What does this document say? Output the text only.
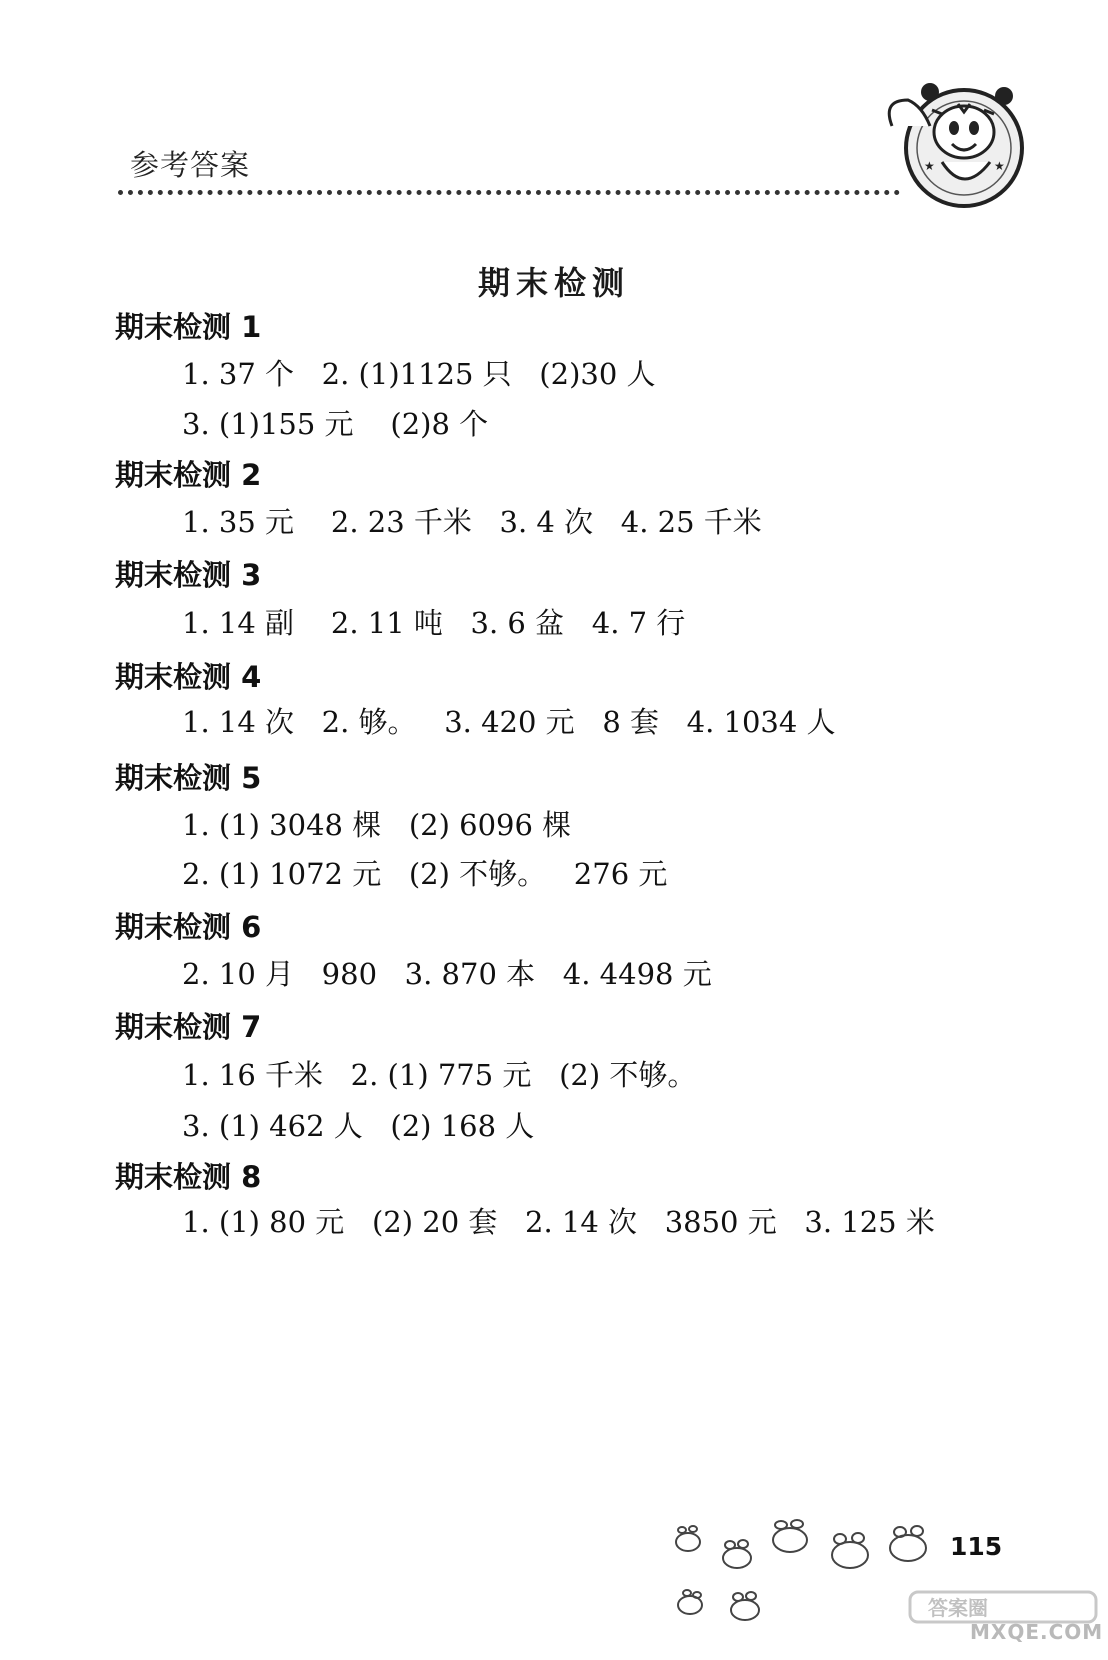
参考答案	★	★
期末检测
期末检测 1
1. 37 个   2. (1)1125 只   (2)30 人
3. (1)155 元    (2)8 个
期末检测 2
1. 35 元    2. 23 千米   3. 4 次   4. 25 千米
期末检测 3
1. 14 副    2. 11 吨   3. 6 盆   4. 7 行
期末检测 4
1. 14 次   2. 够。   3. 420 元   8 套   4. 1034 人
期末检测 5
1. (1) 3048 棵   (2) 6096 棵
2. (1) 1072 元   (2) 不够。   276 元
期末检测 6
2. 10 月   980   3. 870 本   4. 4498 元
期末检测 7
1. 16 千米   2. (1) 775 元   (2) 不够。
3. (1) 462 人   (2) 168 人
期末检测 8
1. (1) 80 元   (2) 20 套   2. 14 次   3850 元   3. 125 米
115
答案圈
MXQE.COM
